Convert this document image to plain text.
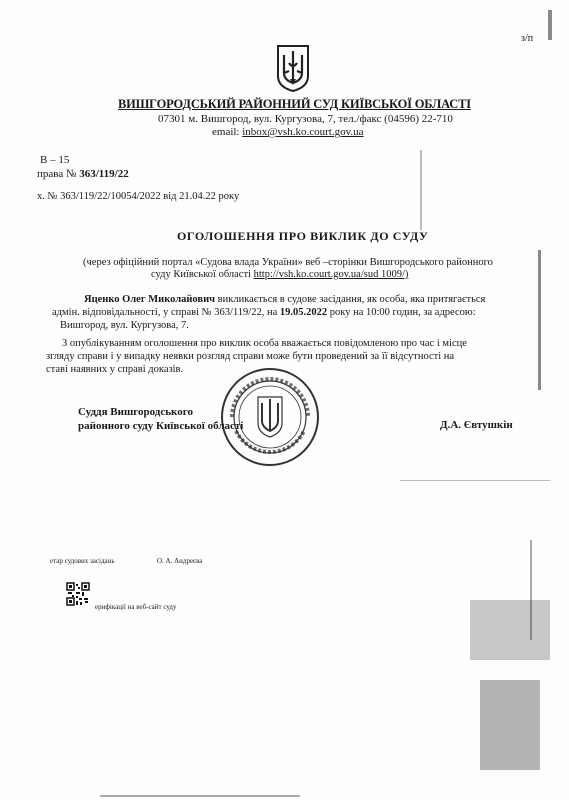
з/п
ВИШГОРОДСЬКИЙ РАЙОННИЙ СУД КИЇВСЬКОЇ ОБЛАСТІ
07301 м. Вишгород, вул. Кургузова, 7, тел./факс (04596) 22-710
email: inbox@vsh.ko.court.gov.ua
В – 15
права № 363/119/22
х. № 363/119/22/10054/2022 від 21.04.22 року
ОГОЛОШЕННЯ ПРО ВИКЛИК ДО СУДУ
(через офіційний портал «Судова влада України» веб –сторінки Вишгородського районного
суду Київської області http://vsh.ko.court.gov.ua/sud 1009/)
Яценко Олег Миколайович викликається в судове засідання, як особа, яка притягається
адмін. відповідальності, у справі № 363/119/22, на 19.05.2022 року на 10:00 годин, за адресою:
Вишгород, вул. Кургузова, 7.
З опублікуванням оголошення про виклик особа вважається повідомленою про час і місце
згляду справи і у випадку неявки розгляд справи може бути проведений за її відсутності на
ставі наявних у справі доказів.
Суддя Вишгородського
районного суду Київської області	Д.А. Євтушкін
етар судових засідань	О. А. Андреєва
ерифікації на веб-сайт суду
